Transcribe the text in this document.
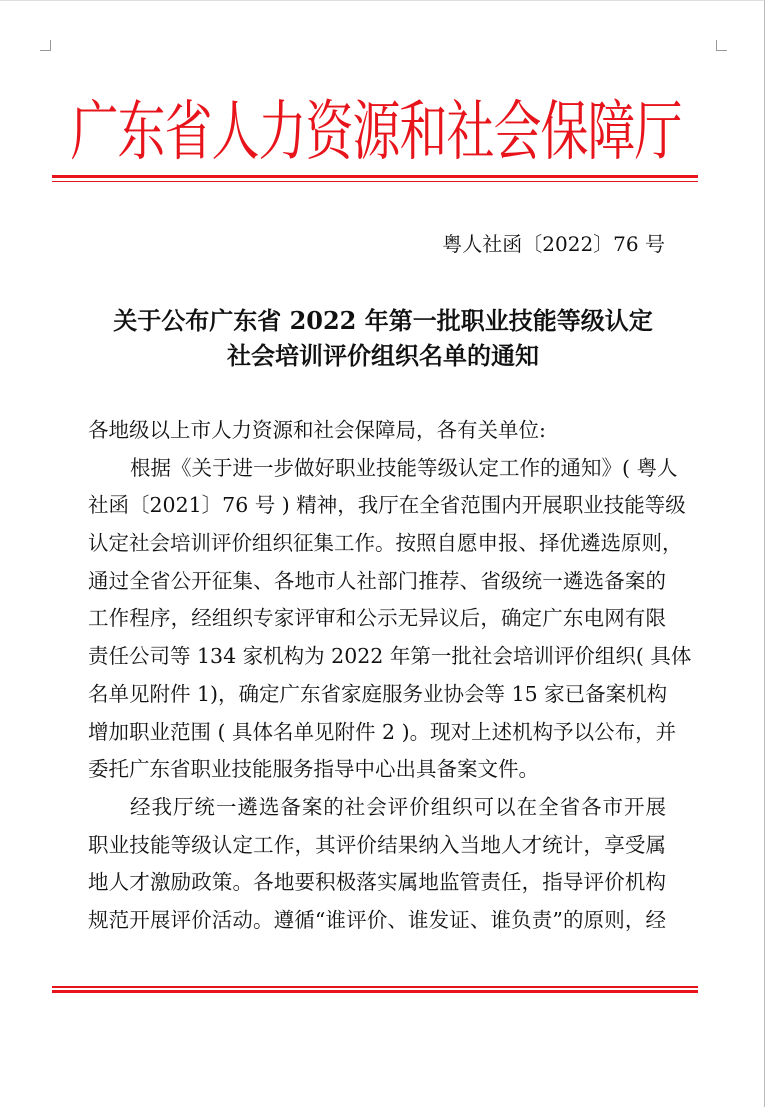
广东省人力资源和社会保障厅
粤人社函〔2022〕76 号
关于公布广东省 2022 年第一批职业技能等级认定
社会培训评价组织名单的通知
各地级以上市人力资源和社会保障局，各有关单位:
根据《关于进一步做好职业技能等级认定工作的通知》( 粤人
社函〔2021〕76 号 ) 精神，我厅在全省范围内开展职业技能等级
认定社会培训评价组织征集工作。按照自愿申报、择优遴选原则，
通过全省公开征集、各地市人社部门推荐、省级统一遴选备案的
工作程序，经组织专家评审和公示无异议后，确定广东电网有限
责任公司等 134 家机构为 2022 年第一批社会培训评价组织( 具体
名单见附件 1)，确定广东省家庭服务业协会等 15 家已备案机构
增加职业范围 ( 具体名单见附件 2 )。现对上述机构予以公布，并
委托广东省职业技能服务指导中心出具备案文件。
经我厅统一遴选备案的社会评价组织可以在全省各市开展
职业技能等级认定工作，其评价结果纳入当地人才统计，享受属
地人才激励政策。各地要积极落实属地监管责任，指导评价机构
规范开展评价活动。遵循“谁评价、谁发证、谁负责”的原则，经
